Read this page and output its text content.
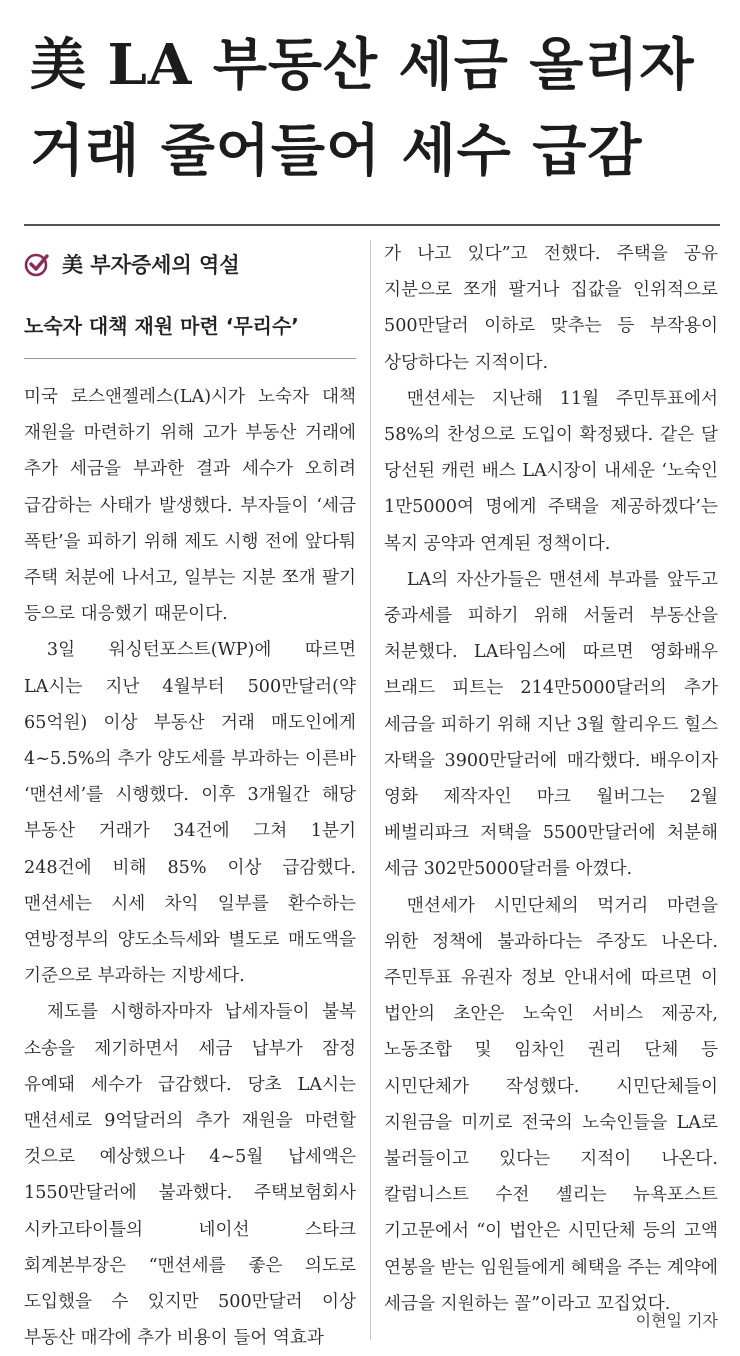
美 LA 부동산 세금 올리자
거래 줄어들어 세수 급감
美 부자증세의 역설
노숙자 대책 재원 마련 ‘무리수’

미국 로스앤젤레스(LA)시가 노숙자 대책 재원을 마련하기 위해 고가 부동산 거래에 추가 세금을 부과한 결과 세수가 오히려 급감하는 사태가 발생했다. 부자들이 ‘세금 폭탄’을 피하기 위해 제도 시행 전에 앞다퉈 주택 처분에 나서고, 일부는 지분 쪼개 팔기 등으로 대응했기 때문이다.

3일 워싱턴포스트(WP)에 따르면 LA시는 지난 4월부터 500만달러(약 65억원) 이상 부동산 거래 매도인에게 4~5.5%의 추가 양도세를 부과하는 이른바 ‘맨션세’를 시행했다. 이후 3개월간 해당 부동산 거래가 34건에 그쳐 1분기 248건에 비해 85% 이상 급감했다. 맨션세는 시세 차익 일부를 환수하는 연방정부의 양도소득세와 별도로 매도액을 기준으로 부과하는 지방세다.

제도를 시행하자마자 납세자들이 불복 소송을 제기하면서 세금 납부가 잠정 유예돼 세수가 급감했다. 당초 LA시는 맨션세로 9억달러의 추가 재원을 마련할 것으로 예상했으나 4~5월 납세액은 1550만달러에 불과했다. 주택보험회사 시카고타이틀의 네이선 스타크 회계본부장은 “맨션세를 좋은 의도로 도입했을 수 있지만 500만달러 이상 부동산 매각에 추가 비용이 들어 역효과

가 나고 있다”고 전했다. 주택을 공유 지분으로 쪼개 팔거나 집값을 인위적으로 500만달러 이하로 맞추는 등 부작용이 상당하다는 지적이다.

맨션세는 지난해 11월 주민투표에서 58%의 찬성으로 도입이 확정됐다. 같은 달 당선된 캐런 배스 LA시장이 내세운 ‘노숙인 1만5000여 명에게 주택을 제공하겠다’는 복지 공약과 연계된 정책이다.

LA의 자산가들은 맨션세 부과를 앞두고 중과세를 피하기 위해 서둘러 부동산을 처분했다. LA타임스에 따르면 영화배우 브래드 피트는 214만5000달러의 추가 세금을 피하기 위해 지난 3월 할리우드 힐스 자택을 3900만달러에 매각했다. 배우이자 영화 제작자인 마크 월버그는 2월 베벌리파크 저택을 5500만달러에 처분해 세금 302만5000달러를 아꼈다.

맨션세가 시민단체의 먹거리 마련을 위한 정책에 불과하다는 주장도 나온다. 주민투표 유권자 정보 안내서에 따르면 이 법안의 초안은 노숙인 서비스 제공자, 노동조합 및 임차인 권리 단체 등 시민단체가 작성했다. 시민단체들이 지원금을 미끼로 전국의 노숙인들을 LA로 불러들이고 있다는 지적이 나온다. 칼럼니스트 수전 셸리는 뉴욕포스트 기고문에서 “이 법안은 시민단체 등의 고액 연봉을 받는 임원들에게 혜택을 주는 계약에 세금을 지원하는 꼴”이라고 꼬집었다.

이현일 기자
